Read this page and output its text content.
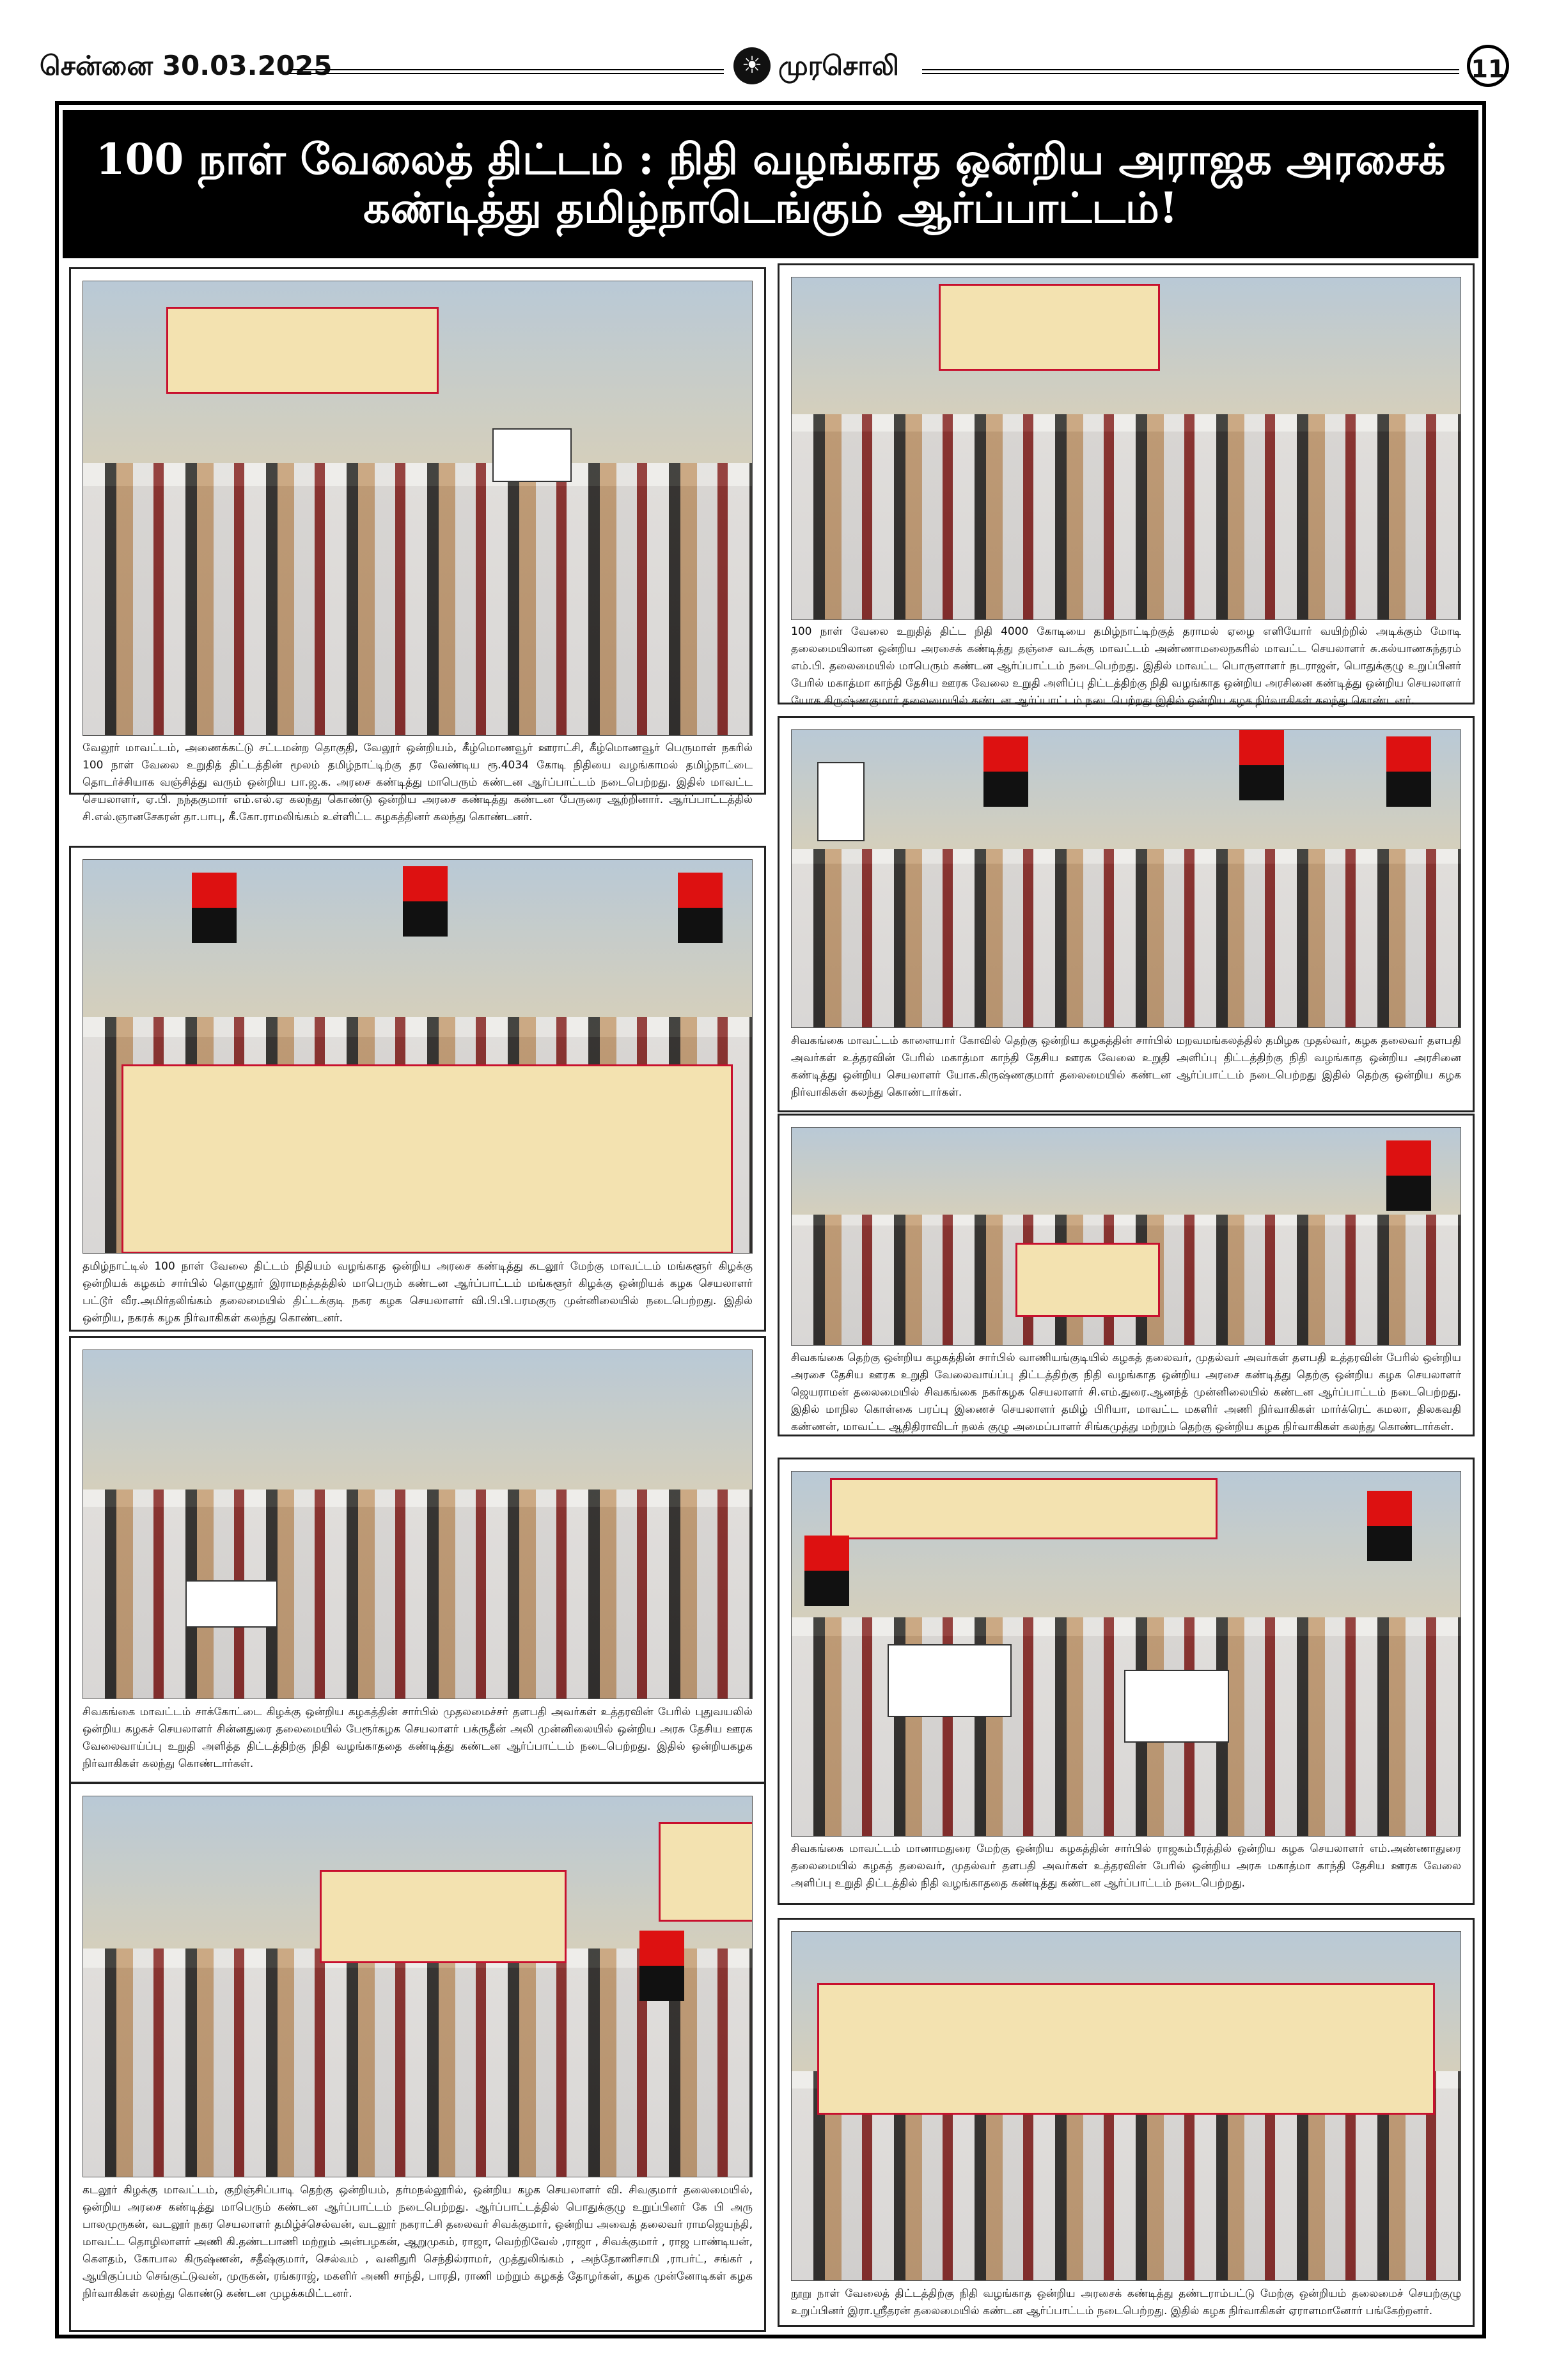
சென்னை 30.03.2025	☀ முரசொலி	11
100 நாள் வேலைத் திட்டம் : நிதி வழங்காத ஒன்றிய அராஜக அரசைக் கண்டித்து தமிழ்நாடெங்கும் ஆர்ப்பாட்டம்!
வேலூர் மாவட்டம், அணைக்கட்டு சட்டமன்ற தொகுதி, வேலூர் ஒன்றியம், கீழ்மொணவூர் ஊராட்சி, கீழ்மொணவூர் பெருமாள் நகரில் 100 நாள் வேலை உறுதித் திட்டத்தின் மூலம் தமிழ்நாட்டிற்கு தர வேண்டிய ரூ.4034 கோடி நிதியை வழங்காமல் தமிழ்நாட்டை தொடர்ச்சியாக வஞ்சித்து வரும் ஒன்றிய பா.ஜ.க. அரசை கண்டித்து மாபெரும் கண்டன ஆர்ப்பாட்டம் நடைபெற்றது. இதில் மாவட்ட செயலாளர், ஏ.பி. நந்தகுமார் எம்.எல்.ஏ கலந்து கொண்டு ஒன்றிய அரசை கண்டித்து கண்டன பேருரை ஆற்றினார். ஆர்ப்பாட்டத்தில் சி.எல்.ஞானசேகரன் தா.பாபு, கீ.கோ.ராமலிங்கம் உள்ளிட்ட கழகத்தினர் கலந்து கொண்டனர்.
தமிழ்நாட்டில் 100 நாள் வேலை திட்டம் நிதியம் வழங்காத ஒன்றிய அரசை கண்டித்து கடலூர் மேற்கு மாவட்டம் மங்களூர் கிழக்கு ஒன்றியக் கழகம் சார்பில் தொழுதூர் இராமநத்தத்தில் மாபெரும் கண்டன ஆர்ப்பாட்டம் மங்களூர் கிழக்கு ஒன்றியக் கழக செயலாளர் பட்டூர் வீர.அமிர்தலிங்கம் தலைமையில் திட்டக்குடி நகர கழக செயலாளர் வி.பி.பி.பரமகுரு முன்னிலையில் நடைபெற்றது. இதில் ஒன்றிய, நகரக் கழக நிர்வாகிகள் கலந்து கொண்டனர்.
சிவகங்கை மாவட்டம் சாக்கோட்டை கிழக்கு ஒன்றிய கழகத்தின் சார்பில் முதலமைச்சர் தளபதி அவர்கள் உத்தரவின் பேரில் புதுவயலில் ஒன்றிய கழகச் செயலாளர் சின்னதுரை தலைமையில் பேரூர்கழக செயலாளர் பக்ருதீன் அலி முன்னிலையில் ஒன்றிய அரசு தேசிய ஊரக வேலைவாய்ப்பு உறுதி அளித்த திட்டத்திற்கு நிதி வழங்காததை கண்டித்து கண்டன ஆர்ப்பாட்டம் நடைபெற்றது. இதில் ஒன்றியகழக நிர்வாகிகள் கலந்து கொண்டார்கள்.
கடலூர் கிழக்கு மாவட்டம், குறிஞ்சிப்பாடி தெற்கு ஒன்றியம், தர்மநல்லூரில், ஒன்றிய கழக செயலாளர் வி. சிவகுமார் தலைமையில், ஒன்றிய அரசை கண்டித்து மாபெரும் கண்டன ஆர்ப்பாட்டம் நடைபெற்றது. ஆர்ப்பாட்டத்தில் பொதுக்குழு உறுப்பினர் கே பி அரு பாலமுருகன், வடலூர் நகர செயலாளர் தமிழ்ச்செல்வன், வடலூர் நகராட்சி தலைவர் சிவக்குமார், ஒன்றிய அவைத் தலைவர் ராமஜெயந்தி, மாவட்ட தொழிலாளர் அணி கி.தண்டபாணி மற்றும் அன்பழகன், ஆறுமுகம், ராஜா, வெற்றிவேல் ,ராஜா , சிவக்குமார் , ராஜ பாண்டியன், கெளதம், கோபால கிருஷ்ணன், சதீஷ்குமார், செல்வம் , வனிதுரி செந்தில்ராமர், முத்துலிங்கம் , அந்தோணிசாமி ,ராபர்ட், சங்கர் , ஆயிகுப்பம் செங்குட்டுவன், முருகன், ரங்கராஜ், மகளிர் அணி சாந்தி, பாரதி, ராணி மற்றும் கழகத் தோழர்கள், கழக முன்னோடிகள் கழக நிர்வாகிகள் கலந்து கொண்டு கண்டன முழக்கமிட்டனர்.
100 நாள் வேலை உறுதித் திட்ட நிதி 4000 கோடியை தமிழ்நாட்டிற்குத் தராமல் ஏழை எளியோர் வயிற்றில் அடிக்கும் மோடி தலைமையிலான ஒன்றிய அரசைக் கண்டித்து தஞ்சை வடக்கு மாவட்டம் அண்ணாமலைநகரில் மாவட்ட செயலாளர் சு.கல்யாணசுந்தரம் எம்.பி. தலைமையில் மாபெரும் கண்டன ஆர்ப்பாட்டம் நடைபெற்றது. இதில் மாவட்ட பொருளாளர் நடராஜன், பொதுக்குழு உறுப்பினர் பேரில் மகாத்மா காந்தி தேசிய ஊரக வேலை உறுதி அளிப்பு திட்டத்திற்கு நிதி வழங்காத ஒன்றிய அரசினை கண்டித்து ஒன்றிய செயலாளர் யோக.கிருஷ்ணகுமார் தலைமையில் கண்டன ஆர்ப்பாட்டம் நடைபெற்றது இதில் ஒன்றிய கழக நிர்வாகிகள் கலந்து கொண்டனர்.
சிவகங்கை மாவட்டம் காளையார் கோவில் தெற்கு ஒன்றிய கழகத்தின் சார்பில் மறவமங்கலத்தில் தமிழக முதல்வர், கழக தலைவர் தளபதி அவர்கள் உத்தரவின் பேரில் மகாத்மா காந்தி தேசிய ஊரக வேலை உறுதி அளிப்பு திட்டத்திற்கு நிதி வழங்காத ஒன்றிய அரசினை கண்டித்து ஒன்றிய செயலாளர் யோக.கிருஷ்ணகுமார் தலைமையில் கண்டன ஆர்ப்பாட்டம் நடைபெற்றது இதில் தெற்கு ஒன்றிய கழக நிர்வாகிகள் கலந்து கொண்டார்கள்.
சிவகங்கை தெற்கு ஒன்றிய கழகத்தின் சார்பில் வாணியங்குடியில் கழகத் தலைவர், முதல்வர் அவர்கள் தளபதி உத்தரவின் பேரில் ஒன்றிய அரசை தேசிய ஊரக உறுதி வேலைவாய்ப்பு திட்டத்திற்கு நிதி வழங்காத ஒன்றிய அரசை கண்டித்து தெற்கு ஒன்றிய கழக செயலாளர் ஜெயராமன் தலைமையில் சிவகங்கை நகர்கழக செயலாளர் சி.எம்.துரை.ஆனந்த் முன்னிலையில் கண்டன ஆர்ப்பாட்டம் நடைபெற்றது. இதில் மாநில கொள்கை பரப்பு இணைச் செயலாளர் தமிழ் பிரியா, மாவட்ட மகளிர் அணி நிர்வாகிகள் மார்க்ரெட் கமலா, திலகவதி கண்ணன், மாவட்ட ஆதிதிராவிடர் நலக் குழு அமைப்பாளர் சிங்கமுத்து மற்றும் தெற்கு ஒன்றிய கழக நிர்வாகிகள் கலந்து கொண்டார்கள்.
சிவகங்கை மாவட்டம் மானாமதுரை மேற்கு ஒன்றிய கழகத்தின் சார்பில் ராஜகம்பீரத்தில் ஒன்றிய கழக செயலாளர் எம்.அண்ணாதுரை தலைமையில் கழகத் தலைவர், முதல்வர் தளபதி அவர்கள் உத்தரவின் பேரில் ஒன்றிய அரசு மகாத்மா காந்தி தேசிய ஊரக வேலை அளிப்பு உறுதி திட்டத்தில் நிதி வழங்காததை கண்டித்து கண்டன ஆர்ப்பாட்டம் நடைபெற்றது.
நூறு நாள் வேலைத் திட்டத்திற்கு நிதி வழங்காத ஒன்றிய அரசைக் கண்டித்து தண்டராம்பட்டு மேற்கு ஒன்றியம் தலைமைச் செயற்குழு உறுப்பினர் இரா.ஸ்ரீதரன் தலைமையில் கண்டன ஆர்ப்பாட்டம் நடைபெற்றது. இதில் கழக நிர்வாகிகள் ஏராளமானோர் பங்கேற்றனர்.
